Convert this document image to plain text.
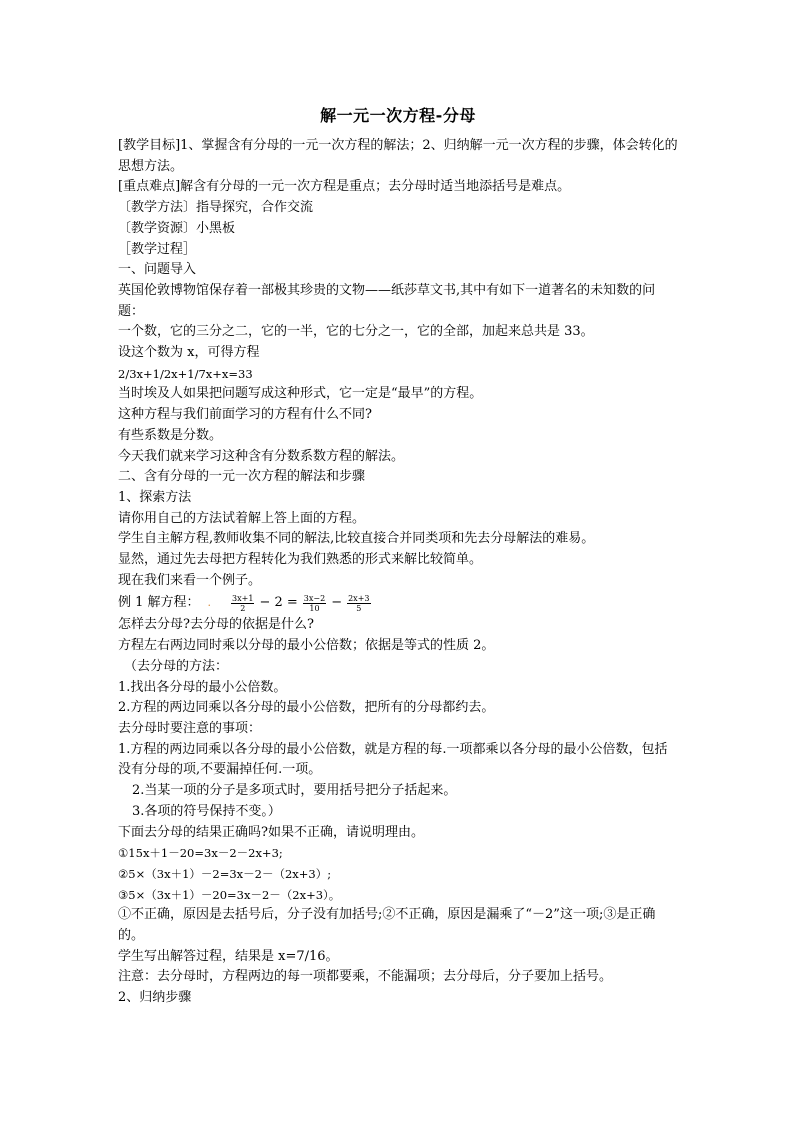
解一元一次方程-分母
[教学目标]1、掌握含有分母的一元一次方程的解法；2、归纳解一元一次方程的步骤，体会转化的思想方法。
[重点难点]解含有分母的一元一次方程是重点；去分母时适当地添括号是难点。
〔教学方法〕指导探究，合作交流
〔教学资源〕小黑板
［教学过程］
一、问题导入
英国伦敦博物馆保存着一部极其珍贵的文物——纸莎草文书,其中有如下一道著名的未知数的问题：
一个数，它的三分之二，它的一半，它的七分之一，它的全部，加起来总共是 33。
设这个数为 x，可得方程
2/3x+1/2x+1/7x+x=33
当时埃及人如果把问题写成这种形式，它一定是“最早”的方程。
这种方程与我们前面学习的方程有什么不同?
有些系数是分数。
今天我们就来学习这种含有分数系数方程的解法。
二、含有分母的一元一次方程的解法和步骤
1、探索方法
请你用自己的方法试着解上答上面的方程。
学生自主解方程,教师收集不同的解法,比较直接合并同类项和先去分母解法的难易。
显然，通过先去母把方程转化为我们熟悉的形式来解比较简单。
现在我们来看一个例子。
例 1 解方程： .	$\frac{3x+1}{2} - 2 = \frac{3x-2}{10} - \frac{2x+3}{5}$
怎样去分母?去分母的依据是什么?
方程左右两边同时乘以分母的最小公倍数；依据是等式的性质 2。
（去分母的方法：
1.找出各分母的最小公倍数。
2.方程的两边同乘以各分母的最小公倍数，把所有的分母都约去。
去分母时要注意的事项：
1.方程的两边同乘以各分母的最小公倍数，就是方程的每.一项都乘以各分母的最小公倍数，包括没有分母的项,不要漏掉任何.一项。
2.当某一项的分子是多项式时，要用括号把分子括起来。
3.各项的符号保持不变。）
下面去分母的结果正确吗?如果不正确，请说明理由。
①15x＋1－20=3x－2－2x+3;
②5×（3x＋1）－2=3x－2－（2x+3）;
③5×（3x＋1）－20=3x－2－（2x+3）。
①不正确，原因是去括号后，分子没有加括号;②不正确，原因是漏乘了“－2”这一项;③是正确的。
学生写出解答过程，结果是 x=7/16。
注意：去分母时，方程两边的每一项都要乘，不能漏项；去分母后，分子要加上括号。
2、归纳步骤
